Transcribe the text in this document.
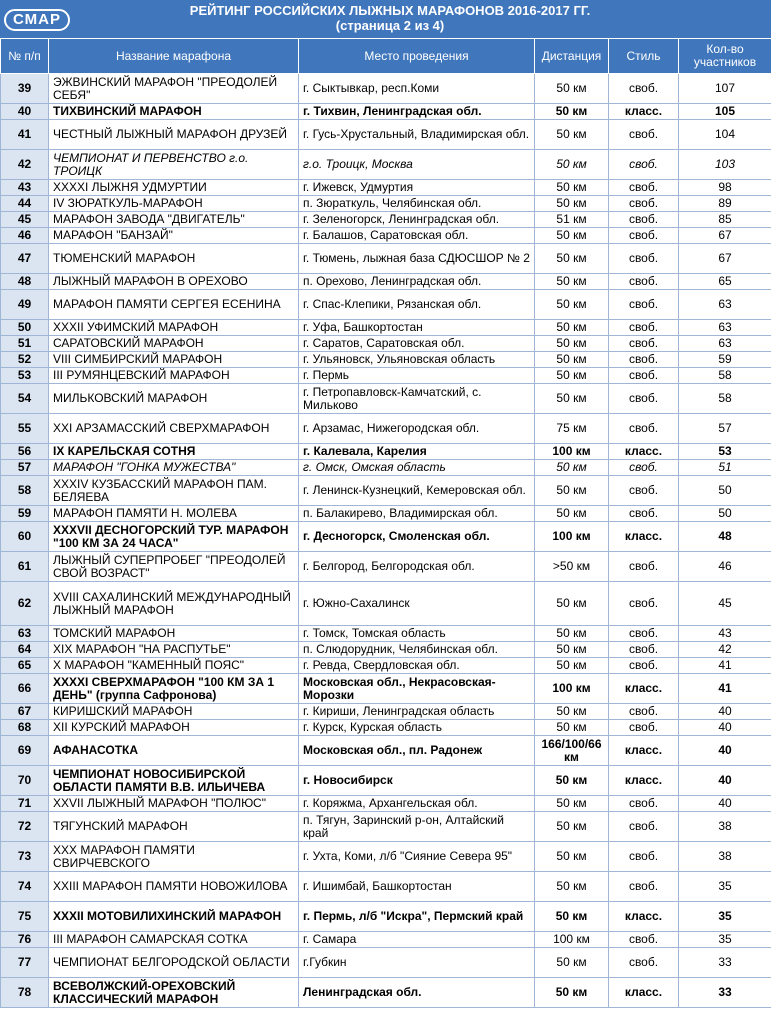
СМАР
РЕЙТИНГ РОССИЙСКИХ ЛЫЖНЫХ МАРАФОНОВ 2016-2017 ГГ.
(страница 2 из 4)
№ п/п	Название марафона	Место проведения	Дистанция	Стиль	Кол-во участников
39	ЭЖВИНСКИЙ МАРАФОН "ПРЕОДОЛЕЙ СЕБЯ"	г. Сыктывкар, респ.Коми	50 км	своб.	107
40	ТИХВИНСКИЙ МАРАФОН	г. Тихвин, Ленинградская обл.	50 км	класс.	105
41	ЧЕСТНЫЙ ЛЫЖНЫЙ МАРАФОН ДРУЗЕЙ	г. Гусь-Хрустальный, Владимирская обл.	50 км	своб.	104
42	ЧЕМПИОНАТ И ПЕРВЕНСТВО г.о. ТРОИЦК	г.о. Троицк, Москва	50 км	своб.	103
43	XXXXI ЛЫЖНЯ УДМУРТИИ	г. Ижевск, Удмуртия	50 км	своб.	98
44	IV ЗЮРАТКУЛЬ-МАРАФОН	п. Зюраткуль, Челябинская обл.	50 км	своб.	89
45	МАРАФОН ЗАВОДА "ДВИГАТЕЛЬ"	г. Зеленогорск, Ленинградская обл.	51 км	своб.	85
46	МАРАФОН "БАНЗАЙ"	г. Балашов, Саратовская обл.	50 км	своб.	67
47	ТЮМЕНСКИЙ МАРАФОН	г. Тюмень, лыжная база СДЮСШОР № 2	50 км	своб.	67
48	ЛЫЖНЫЙ МАРАФОН В ОРЕХОВО	п. Орехово, Ленинградская обл.	50 км	своб.	65
49	МАРАФОН ПАМЯТИ СЕРГЕЯ ЕСЕНИНА	г. Спас-Клепики, Рязанская обл.	50 км	своб.	63
50	XXXII УФИМСКИЙ МАРАФОН	г. Уфа, Башкортостан	50 км	своб.	63
51	САРАТОВСКИЙ МАРАФОН	г. Саратов, Саратовская обл.	50 км	своб.	63
52	VIII СИМБИРСКИЙ МАРАФОН	г. Ульяновск, Ульяновская область	50 км	своб.	59
53	III РУМЯНЦЕВСКИЙ МАРАФОН	г. Пермь	50 км	своб.	58
54	МИЛЬКОВСКИЙ МАРАФОН	г. Петропавловск-Камчатский, с. Мильково	50 км	своб.	58
55	XXI АРЗАМАССКИЙ СВЕРХМАРАФОН	г. Арзамас, Нижегородская обл.	75 км	своб.	57
56	IX КАРЕЛЬСКАЯ СОТНЯ	г. Калевала, Карелия	100 км	класс.	53
57	МАРАФОН "ГОНКА МУЖЕСТВА"	г. Омск, Омская область	50 км	своб.	51
58	XXXIV КУЗБАССКИЙ МАРАФОН ПАМ. БЕЛЯЕВА	г. Ленинск-Кузнецкий, Кемеровская обл.	50 км	своб.	50
59	МАРАФОН ПАМЯТИ Н. МОЛЕВА	п. Балакирево, Владимирская обл.	50 км	своб.	50
60	XXXVII ДЕСНОГОРСКИЙ ТУР. МАРАФОН "100 КМ ЗА 24 ЧАСА"	г. Десногорск, Смоленская обл.	100 км	класс.	48
61	ЛЫЖНЫЙ СУПЕРПРОБЕГ "ПРЕОДОЛЕЙ СВОЙ ВОЗРАСТ"	г. Белгород, Белгородская обл.	>50 км	своб.	46
62	XVIII САХАЛИНСКИЙ МЕЖДУНАРОДНЫЙ ЛЫЖНЫЙ МАРАФОН	г. Южно-Сахалинск	50 км	своб.	45
63	ТОМСКИЙ МАРАФОН	г. Томск, Томская область	50 км	своб.	43
64	XIX МАРАФОН "НА РАСПУТЬЕ"	п. Слюдорудник, Челябинская обл.	50 км	своб.	42
65	X МАРАФОН "КАМЕННЫЙ ПОЯС"	г. Ревда, Свердловская обл.	50 км	своб.	41
66	XXXXI СВЕРХМАРАФОН "100 КМ ЗА 1 ДЕНЬ" (группа Сафронова)	Московская обл., Некрасовская-Морозки	100 км	класс.	41
67	КИРИШСКИЙ МАРАФОН	г. Кириши, Ленинградская область	50 км	своб.	40
68	XII КУРСКИЙ МАРАФОН	г. Курск, Курская область	50 км	своб.	40
69	АФАНАСОТКА	Московская обл., пл. Радонеж	166/100/66 км	класс.	40
70	ЧЕМПИОНАТ НОВОСИБИРСКОЙ ОБЛАСТИ ПАМЯТИ В.В. ИЛЬИЧЕВА	г. Новосибирск	50 км	класс.	40
71	XXVII ЛЫЖНЫЙ МАРАФОН "ПОЛЮС"	г. Коряжма, Архангельская обл.	50 км	своб.	40
72	ТЯГУНСКИЙ МАРАФОН	п. Тягун, Заринский р-он, Алтайский край	50 км	своб.	38
73	XXX МАРАФОН ПАМЯТИ СВИРЧЕВСКОГО	г. Ухта, Коми, л/б "Сияние Севера 95"	50 км	своб.	38
74	XXIII МАРАФОН ПАМЯТИ НОВОЖИЛОВА	г. Ишимбай, Башкортостан	50 км	своб.	35
75	XXXII МОТОВИЛИХИНСКИЙ МАРАФОН	г. Пермь, л/б "Искра", Пермский край	50 км	класс.	35
76	III МАРАФОН САМАРСКАЯ СОТКА	г. Самара	100 км	своб.	35
77	ЧЕМПИОНАТ БЕЛГОРОДСКОЙ ОБЛАСТИ	г.Губкин	50 км	своб.	33
78	ВСЕВОЛЖСКИЙ-ОРЕХОВСКИЙ КЛАССИЧЕСКИЙ МАРАФОН	Ленинградская обл.	50 км	класс.	33
